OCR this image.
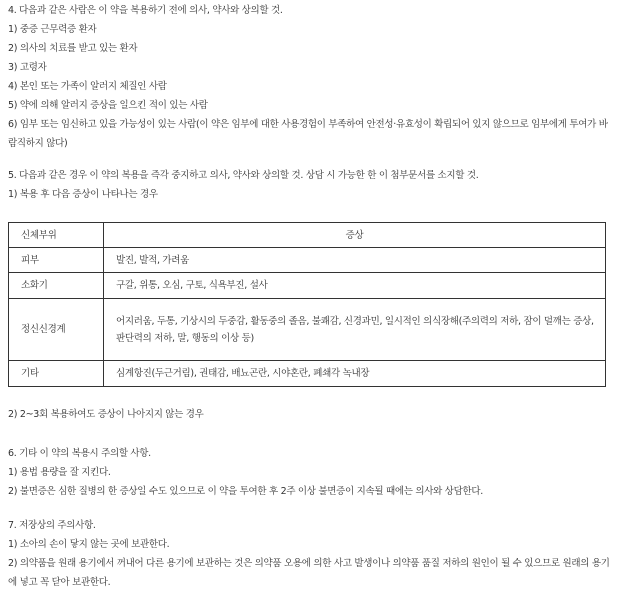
4. 다음과 같은 사람은 이 약을 복용하기 전에 의사, 약사와 상의할 것.
1) 중증 근무력증 환자
2) 의사의 치료를 받고 있는 환자
3) 고령자
4) 본인 또는 가족이 알러지 체질인 사람
5) 약에 의해 알러지 증상을 일으킨 적이 있는 사람
6) 임부 또는 임신하고 있을 가능성이 있는 사람(이 약은 임부에 대한 사용경험이 부족하여 안전성·유효성이 확립되어 있지 않으므로 임부에게 투여가 바람직하지 않다)
5. 다음과 같은 경우 이 약의 복용을 즉각 중지하고 의사, 약사와 상의할 것. 상담 시 가능한 한 이 첨부문서를 소지할 것.
1) 복용 후 다음 증상이 나타나는 경우
신체부위	증상
피부	발진, 발적, 가려움
소화기	구갈, 위통, 오심, 구토, 식욕부진, 설사
정신신경계	어지러움, 두통, 기상시의 두중감, 활동중의 졸음, 불쾌감, 신경과민, 일시적인 의식장해(주의력의 저하, 잠이 덜깨는 증상, 판단력의 저하, 말, 행동의 이상 등)
기타	심계항진(두근거림), 권태감, 배뇨곤란, 시야혼란, 폐쇄각 녹내장
2) 2~3회 복용하여도 증상이 나아지지 않는 경우
6. 기타 이 약의 복용시 주의할 사항.
1) 용법 용량을 잘 지킨다.
2) 불면증은 심한 질병의 한 증상일 수도 있으므로 이 약을 투여한 후 2주 이상 불면증이 지속될 때에는 의사와 상담한다.
7. 저장상의 주의사항.
1) 소아의 손이 닿지 않는 곳에 보관한다.
2) 의약품을 원래 용기에서 꺼내어 다른 용기에 보관하는 것은 의약품 오용에 의한 사고 발생이나 의약품 품질 저하의 원인이 될 수 있으므로 원래의 용기에 넣고 꼭 닫아 보관한다.
